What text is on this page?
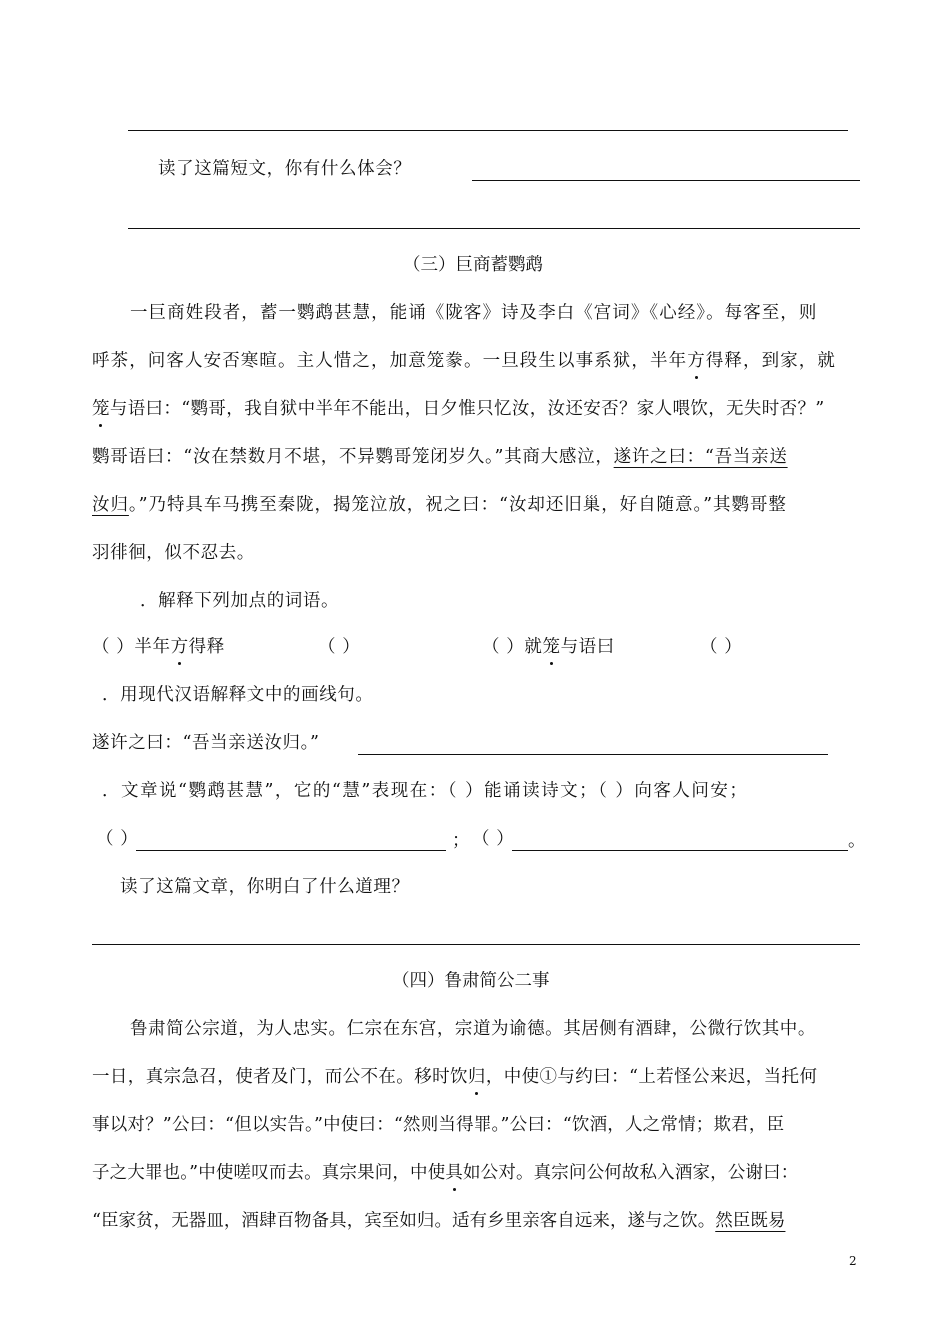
读了这篇短文，你有什么体会？
（三）巨商蓄鹦鹉
一巨商姓段者，蓄一鹦鹉甚慧，能诵《陇客》诗及李白《宫词》《心经》。每客至，则
呼茶，问客人安否寒暄。主人惜之，加意笼豢。一旦段生以事系狱，半年方得释，到家，就
笼与语曰：“鹦哥，我自狱中半年不能出，日夕惟只忆汝，汝还安否？家人喂饮，无失时否？”
鹦哥语曰：“汝在禁数月不堪，不异鹦哥笼闭岁久。”其商大感泣，遂许之曰：“吾当亲送
汝归。”乃特具车马携至秦陇，揭笼泣放，祝之曰：“汝却还旧巢，好自随意。”其鹦哥整
羽徘徊，似不忍去。
．解释下列加点的词语。
（ ）半年方得释	（ ）	（ ）就笼与语曰	（ ）
．用现代汉语解释文中的画线句。
遂许之曰：“吾当亲送汝归。”
．文章说“鹦鹉甚慧”，它的“慧”表现在：（ ）能诵读诗文；（ ）向客人问安；
（ ）	； （ ）	。
读了这篇文章，你明白了什么道理？
（四）鲁肃简公二事
鲁肃简公宗道，为人忠实。仁宗在东宫，宗道为谕德。其居侧有酒肆，公微行饮其中。
一日，真宗急召，使者及门，而公不在。移时饮归，中使①与约曰：“上若怪公来迟，当托何
事以对？”公曰：“但以实告。”中使曰：“然则当得罪。”公曰：“饮酒，人之常情；欺君，臣
子之大罪也。”中使嗟叹而去。真宗果问，中使具如公对。真宗问公何故私入酒家，公谢曰：
“臣家贫，无器皿，酒肆百物备具，宾至如归。适有乡里亲客自远来，遂与之饮。然臣既易
2
